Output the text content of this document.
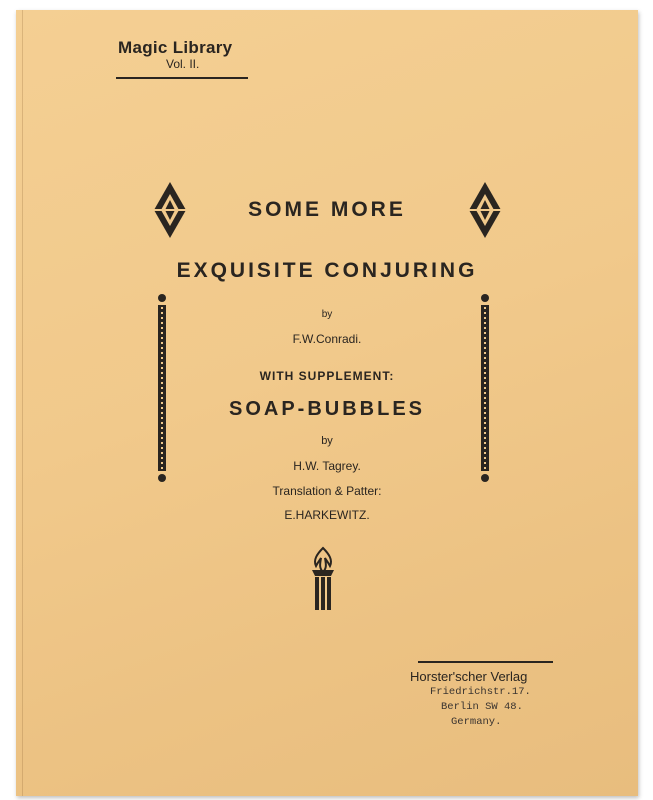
Magic Library
Vol. II.
SOME MORE
EXQUISITE CONJURING
by
F.W.Conradi.
WITH SUPPLEMENT:
SOAP-BUBBLES
by
H.W. Tagrey.
Translation & Patter:
E.HARKEWITZ.
Horster'scher Verlag
Friedrichstr.17.
Berlin SW 48.
Germany.
